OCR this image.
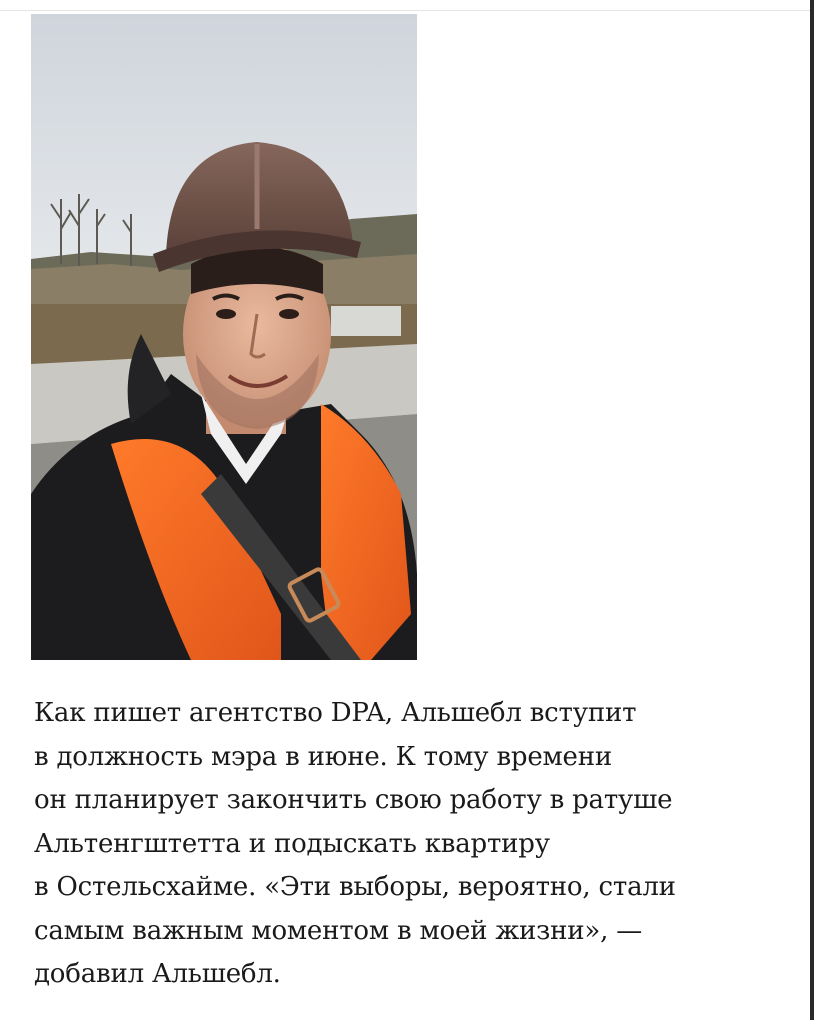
Как пишет агентство DPA, Альшебл вступит
в должность мэра в июне. К тому времени
он планирует закончить свою работу в ратуше
Альтенгштетта и подыскать квартиру
в Остельсхайме. «Эти выборы, вероятно, стали
самым важным моментом в моей жизни», —
добавил Альшебл.
